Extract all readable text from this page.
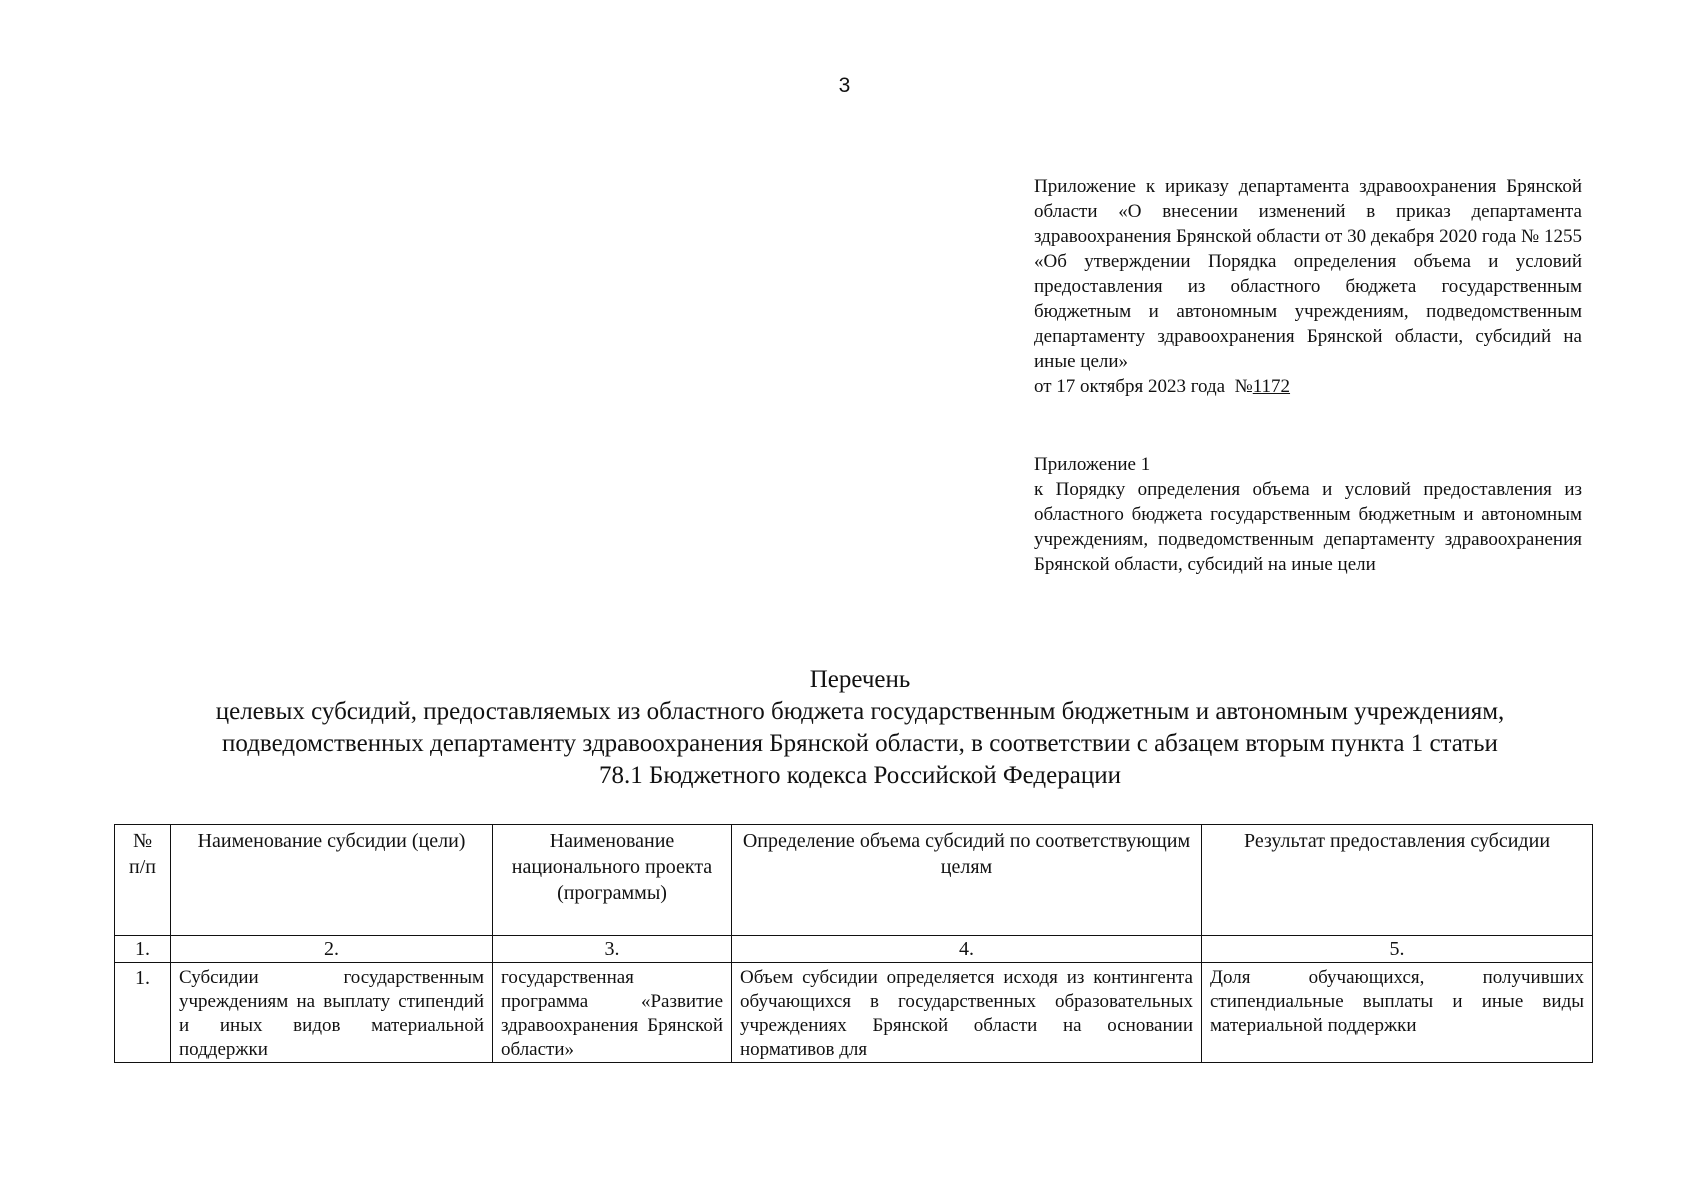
3

Приложение к ириказу департамента здравоохранения Брянской области «О внесении изменений в приказ департамента здравоохранения Брянской области от 30 декабря 2020 года № 1255 «Об утверждении Порядка определения объема и условий предоставления из областного бюджета государственным бюджетным и автономным учреждениям, подведомственным департаменту здравоохранения Брянской области, субсидий на иные цели»

от 17 октября 2023 года №1172

Приложение 1

к Порядку определения объема и условий предоставления из областного бюджета государственным бюджетным и автономным учреждениям, подведомственным департаменту здравоохранения Брянской области, субсидий на иные цели

Перечень
целевых субсидий, предоставляемых из областного бюджета государственным бюджетным и автономным учреждениям,
подведомственных департаменту здравоохранения Брянской области, в соответствии с абзацем вторым пункта 1 статьи
78.1 Бюджетного кодекса Российской Федерации
№ п/п	Наименование субсидии (цели)	Наименование национального проекта (программы)	Определение объема субсидий по соответствующим целям	Результат предоставления субсидии
1.	2.	3.	4.	5.
1.	Субсидии государственным учреждениям на выплату стипендий и иных видов материальной поддержки	государственная программа «Развитие здравоохранения Брянской области»	Объем субсидии определяется исходя из контингента обучающихся в государственных образовательных учреждениях Брянской области на основании нормативов для	Доля обучающихся, получивших стипендиальные выплаты и иные виды материальной поддержки
